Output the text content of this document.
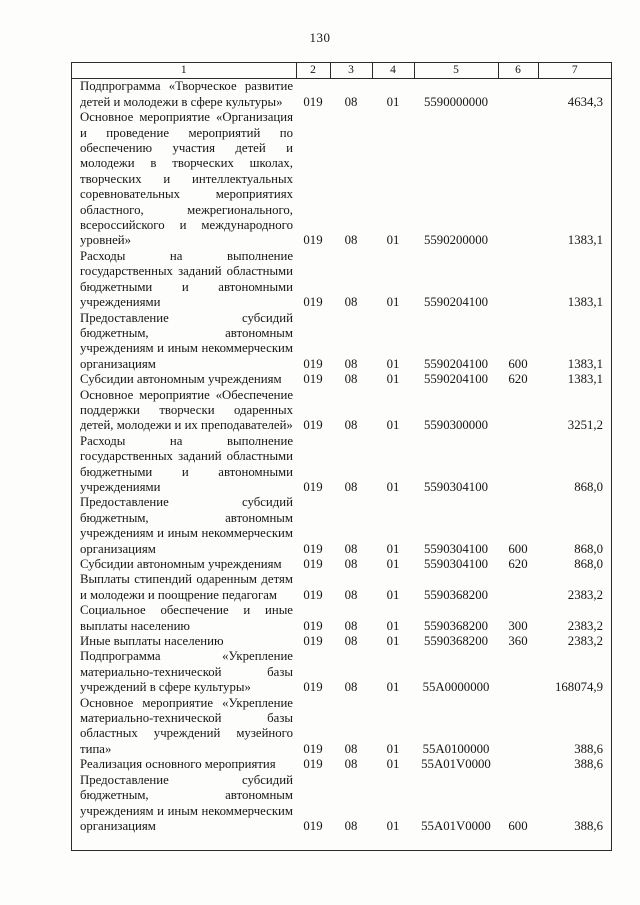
130
1	2	3	4	5	6	7
Подпрограмма «Творческое развитие детей и молодежи в сфере культуры»	019	08	01	5590000000		4634,3
Основное мероприятие «Организация и проведение мероприятий по обеспечению участия детей и молодежи в творческих школах, творческих и интеллектуальных соревновательных мероприятиях областного, межрегионального, всероссийского и международного уровней»	019	08	01	5590200000		1383,1
Расходы на выполнение государственных заданий областными бюджетными и автономными учреждениями	019	08	01	5590204100		1383,1
Предоставление субсидий бюджетным, автономным учреждениям и иным некоммерческим организациям	019	08	01	5590204100	600	1383,1
Субсидии автономным учреждениям	019	08	01	5590204100	620	1383,1
Основное мероприятие «Обеспечение поддержки творчески одаренных детей, молодежи и их преподавателей»	019	08	01	5590300000		3251,2
Расходы на выполнение государственных заданий областными бюджетными и автономными учреждениями	019	08	01	5590304100		868,0
Предоставление субсидий бюджетным, автономным учреждениям и иным некоммерческим организациям	019	08	01	5590304100	600	868,0
Субсидии автономным учреждениям	019	08	01	5590304100	620	868,0
Выплаты стипендий одаренным детям и молодежи и поощрение педагогам	019	08	01	5590368200		2383,2
Социальное обеспечение и иные выплаты населению	019	08	01	5590368200	300	2383,2
Иные выплаты населению	019	08	01	5590368200	360	2383,2
Подпрограмма «Укрепление материально-технической базы учреждений в сфере культуры»	019	08	01	55А0000000		168074,9
Основное мероприятие «Укрепление материально-технической базы областных учреждений музейного типа»	019	08	01	55А0100000		388,6
Реализация основного мероприятия	019	08	01	55А01V0000		388,6
Предоставление субсидий бюджетным, автономным учреждениям и иным некоммерческим организациям	019	08	01	55А01V0000	600	388,6
